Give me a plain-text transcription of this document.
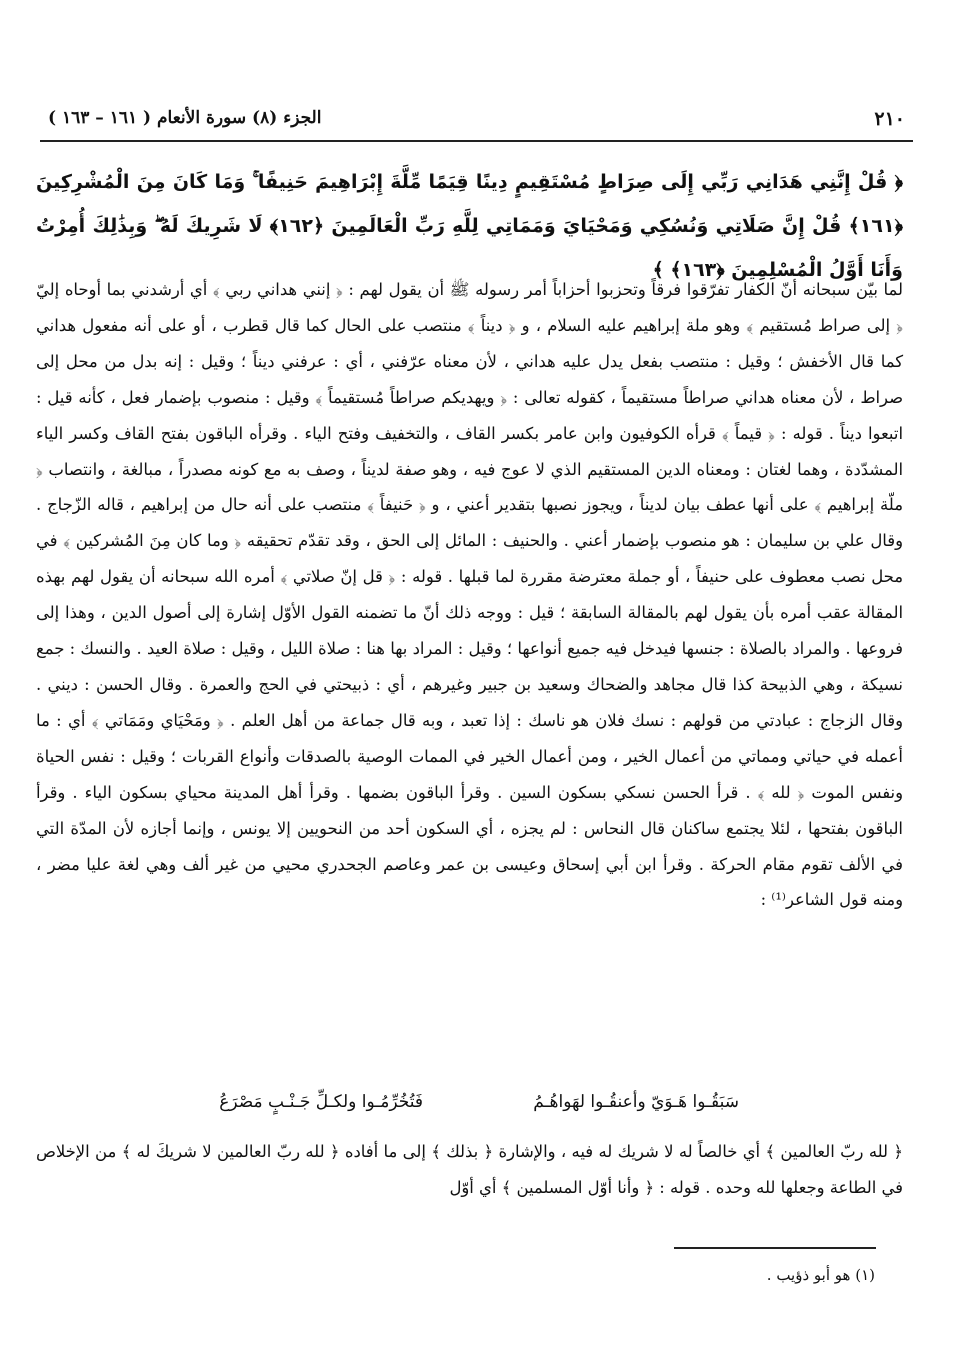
٢١٠
الجزء (٨) سورة الأنعام ( ١٦١ – ١٦٣ )
﴿ قُلْ إِنَّنِي هَدَانِي رَبِّي إِلَى صِرَاطٍ مُسْتَقِيمٍ دِينًا قِيَمًا مِّلَّةَ إِبْرَاهِيمَ حَنِيفًا ۚ وَمَا كَانَ مِنَ الْمُشْرِكِينَ ﴿١٦١﴾ قُلْ إِنَّ صَلَاتِي وَنُسُكِي وَمَحْيَايَ وَمَمَاتِي لِلَّهِ رَبِّ الْعَالَمِينَ ﴿١٦٢﴾ لَا شَرِيكَ لَهُ ۖ وَبِذَٰلِكَ أُمِرْتُ وَأَنَا أَوَّلُ الْمُسْلِمِينَ ﴿١٦٣﴾ ﴾

لما بيّن سبحانه أنّ الكفار تفرّقوا فرقاً وتحزبوا أحزاباً أمر رسوله ﷺ أن يقول لهم : ﴿ إنني هداني ربي ﴾ أي أرشدني بما أوحاه إليّ ﴿ إلى صراط مُستقيم ﴾ وهو ملة إبراهيم عليه السلام ، و ﴿ ديناً ﴾ منتصب على الحال كما قال قطرب ، أو على أنه مفعول هداني كما قال الأخفش ؛ وقيل : منتصب بفعل يدل عليه هداني ، لأن معناه عرّفني ، أي : عرفني ديناً ؛ وقيل : إنه بدل من محل إلى صراط ، لأن معناه هداني صراطاً مستقيماً ، كقوله تعالى : ﴿ ويهديكم صراطاً مُستقيماً ﴾ وقيل : منصوب بإضمار فعل ، كأنه قيل : اتبعوا ديناً . قوله : ﴿ قيماً ﴾ قرأه الكوفيون وابن عامر بكسر القاف ، والتخفيف وفتح الياء . وقرأه الباقون بفتح القاف وكسر الياء المشدّدة ، وهما لغتان : ومعناه الدين المستقيم الذي لا عوج فيه ، وهو صفة لديناً ، وصف به مع كونه مصدراً ، مبالغة ، وانتصاب ﴿ ملّة إبراهيم ﴾ على أنها عطف بيان لديناً ، ويجوز نصبها بتقدير أعني ، و ﴿ حَنيفاً ﴾ منتصب على أنه حال من إبراهيم ، قاله الزّجاج . وقال علي بن سليمان : هو منصوب بإضمار أعني . والحنيف : المائل إلى الحق ، وقد تقدّم تحقيقه ﴿ وما كان مِنَ المُشركين ﴾ في محل نصب معطوف على حنيفاً ، أو جملة معترضة مقررة لما قبلها . قوله : ﴿ قل إنّ صلاتي ﴾ أمره الله سبحانه أن يقول لهم بهذه المقالة عقب أمره بأن يقول لهم بالمقالة السابقة ؛ قيل : ووجه ذلك أنّ ما تضمنه القول الأوّل إشارة إلى أصول الدين ، وهذا إلى فروعها . والمراد بالصلاة : جنسها فيدخل فيه جميع أنواعها ؛ وقيل : المراد بها هنا : صلاة الليل ، وقيل : صلاة العيد . والنسك : جمع نسيكة ، وهي الذبيحة كذا قال مجاهد والضحاك وسعيد بن جبير وغيرهم ، أي : ذبيحتي في الحج والعمرة . وقال الحسن : ديني . وقال الزجاج : عبادتي من قولهم : نسك فلان هو ناسك : إذا تعبد ، وبه قال جماعة من أهل العلم . ﴿ ومَحْيَاي ومَمَاتي ﴾ أي : ما أعمله في حياتي ومماتي من أعمال الخير ، ومن أعمال الخير في الممات الوصية بالصدقات وأنواع القربات ؛ وقيل : نفس الحياة ونفس الموت ﴿ لله ﴾ . قرأ الحسن نسكي بسكون السين . وقرأ الباقون بضمها . وقرأ أهل المدينة محياي بسكون الياء . وقرأ الباقون بفتحها ، لئلا يجتمع ساكنان قال النحاس : لم يجزه ، أي السكون أحد من النحويين إلا يونس ، وإنما أجازه لأن المدّة التي في الألف تقوم مقام الحركة . وقرأ ابن أبي إسحاق وعيسى بن عمر وعاصم الجحدري محيي من غير ألف وهي لغة عليا مضر ، ومنه قول الشاعر⁽¹⁾ :

سَبَقُـوا هَـوَيّ وأعنقُـوا لهَواهُـمُ
فَتُخُرِّمُـوا ولكـلِّ جَـنْـبٍ مَصْرَعُ

﴿ لله ربّ العالمين ﴾ أي خالصاً له لا شريك له فيه ، والإشارة ﴿ بذلك ﴾ إلى ما أفاده ﴿ لله ربّ العالمين لا شريكَ له ﴾ من الإخلاص في الطاعة وجعلها لله وحده . قوله : ﴿ وأنا أوّل المسلمين ﴾ أي أوّل

(١) هو أبو ذؤيب .
